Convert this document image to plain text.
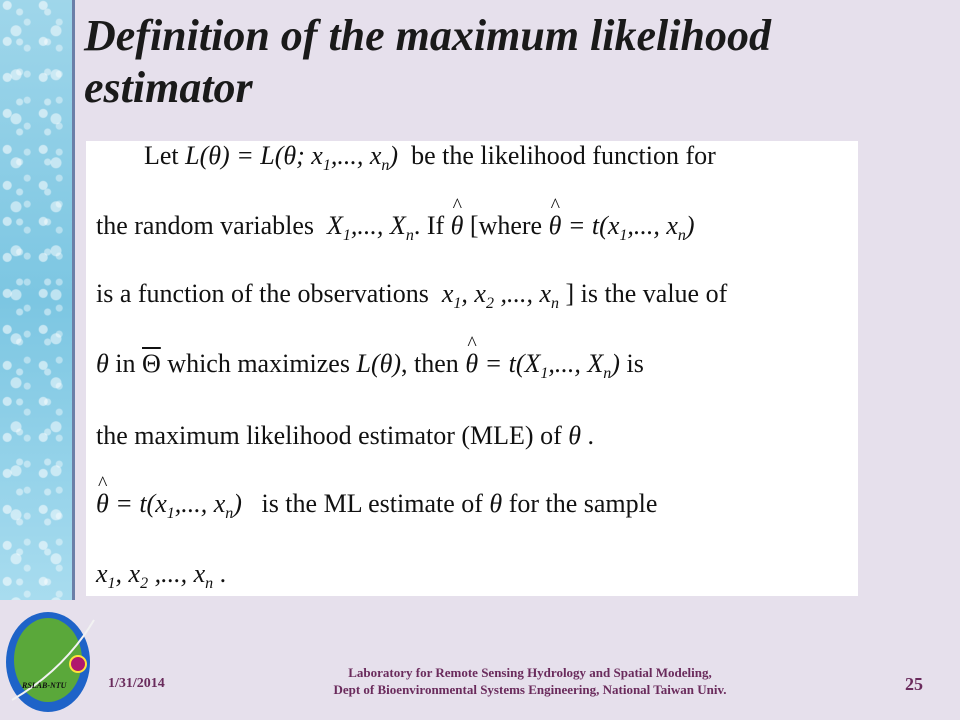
Definition of the maximum likelihood estimator
Let L(θ) = L(θ; $x_1$,..., $x_n$) be the likelihood function for
the random variables  $X_1$,..., $X_n$. If ^ θ [where ^ $\theta = t(x_1$,..., $x_n$)
is a function of the observations  $x_1$, $x_2$ ,..., $x_n$ ] is the value of
θ in $\overline{\Theta}$ which maximizes L(θ), then ^ $\theta = t(X_1$,..., $X_n$) is
the maximum likelihood estimator (MLE) of θ .
^ $\theta = t(x_1$,..., $x_n$)   is the ML estimate of θ for the sample
$x_1$, $x_2$ ,..., $x_n$ .
RSLAB-NTU	1/31/2014
Laboratory for Remote Sensing Hydrology and Spatial Modeling,
Dept of Bioenvironmental Systems Engineering, National Taiwan Univ.	25
